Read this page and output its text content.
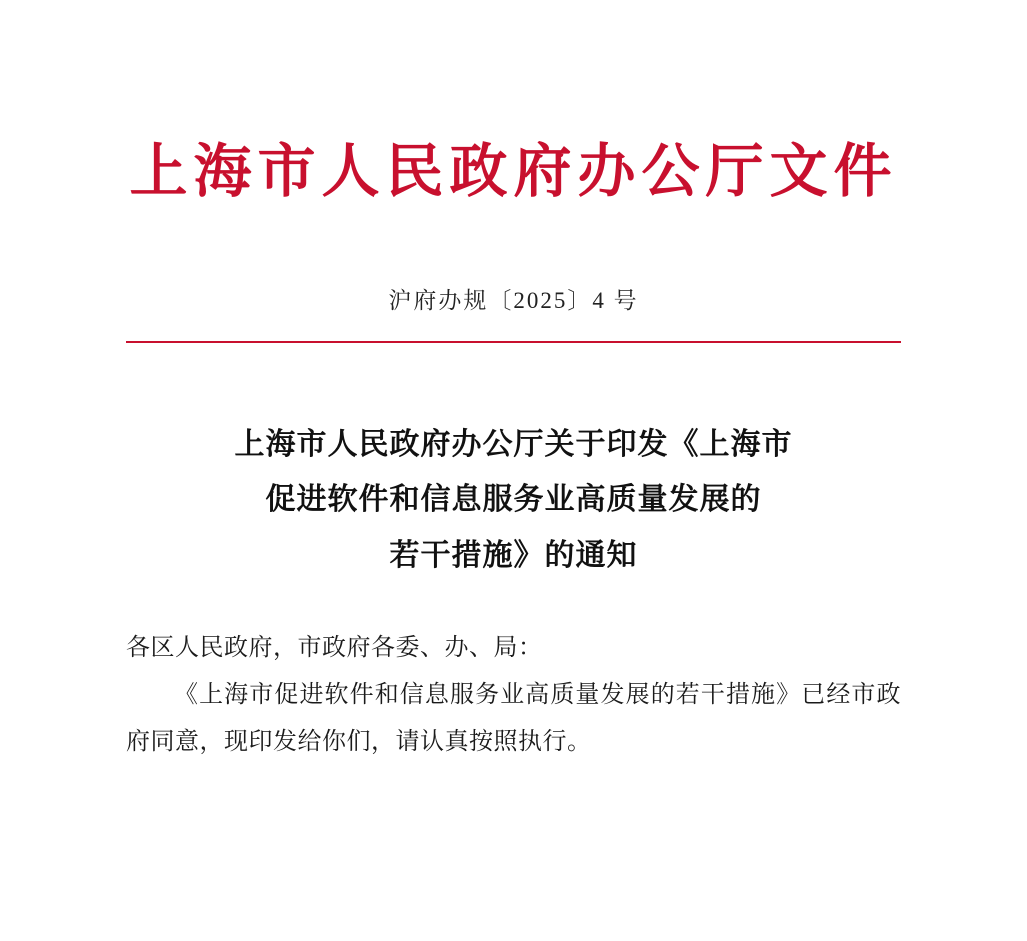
上海市人民政府办公厅文件
沪府办规〔2025〕4 号
上海市人民政府办公厅关于印发《上海市
促进软件和信息服务业高质量发展的
若干措施》的通知
各区人民政府，市政府各委、办、局：
《上海市促进软件和信息服务业高质量发展的若干措施》已经市政府同意，现印发给你们，请认真按照执行。
